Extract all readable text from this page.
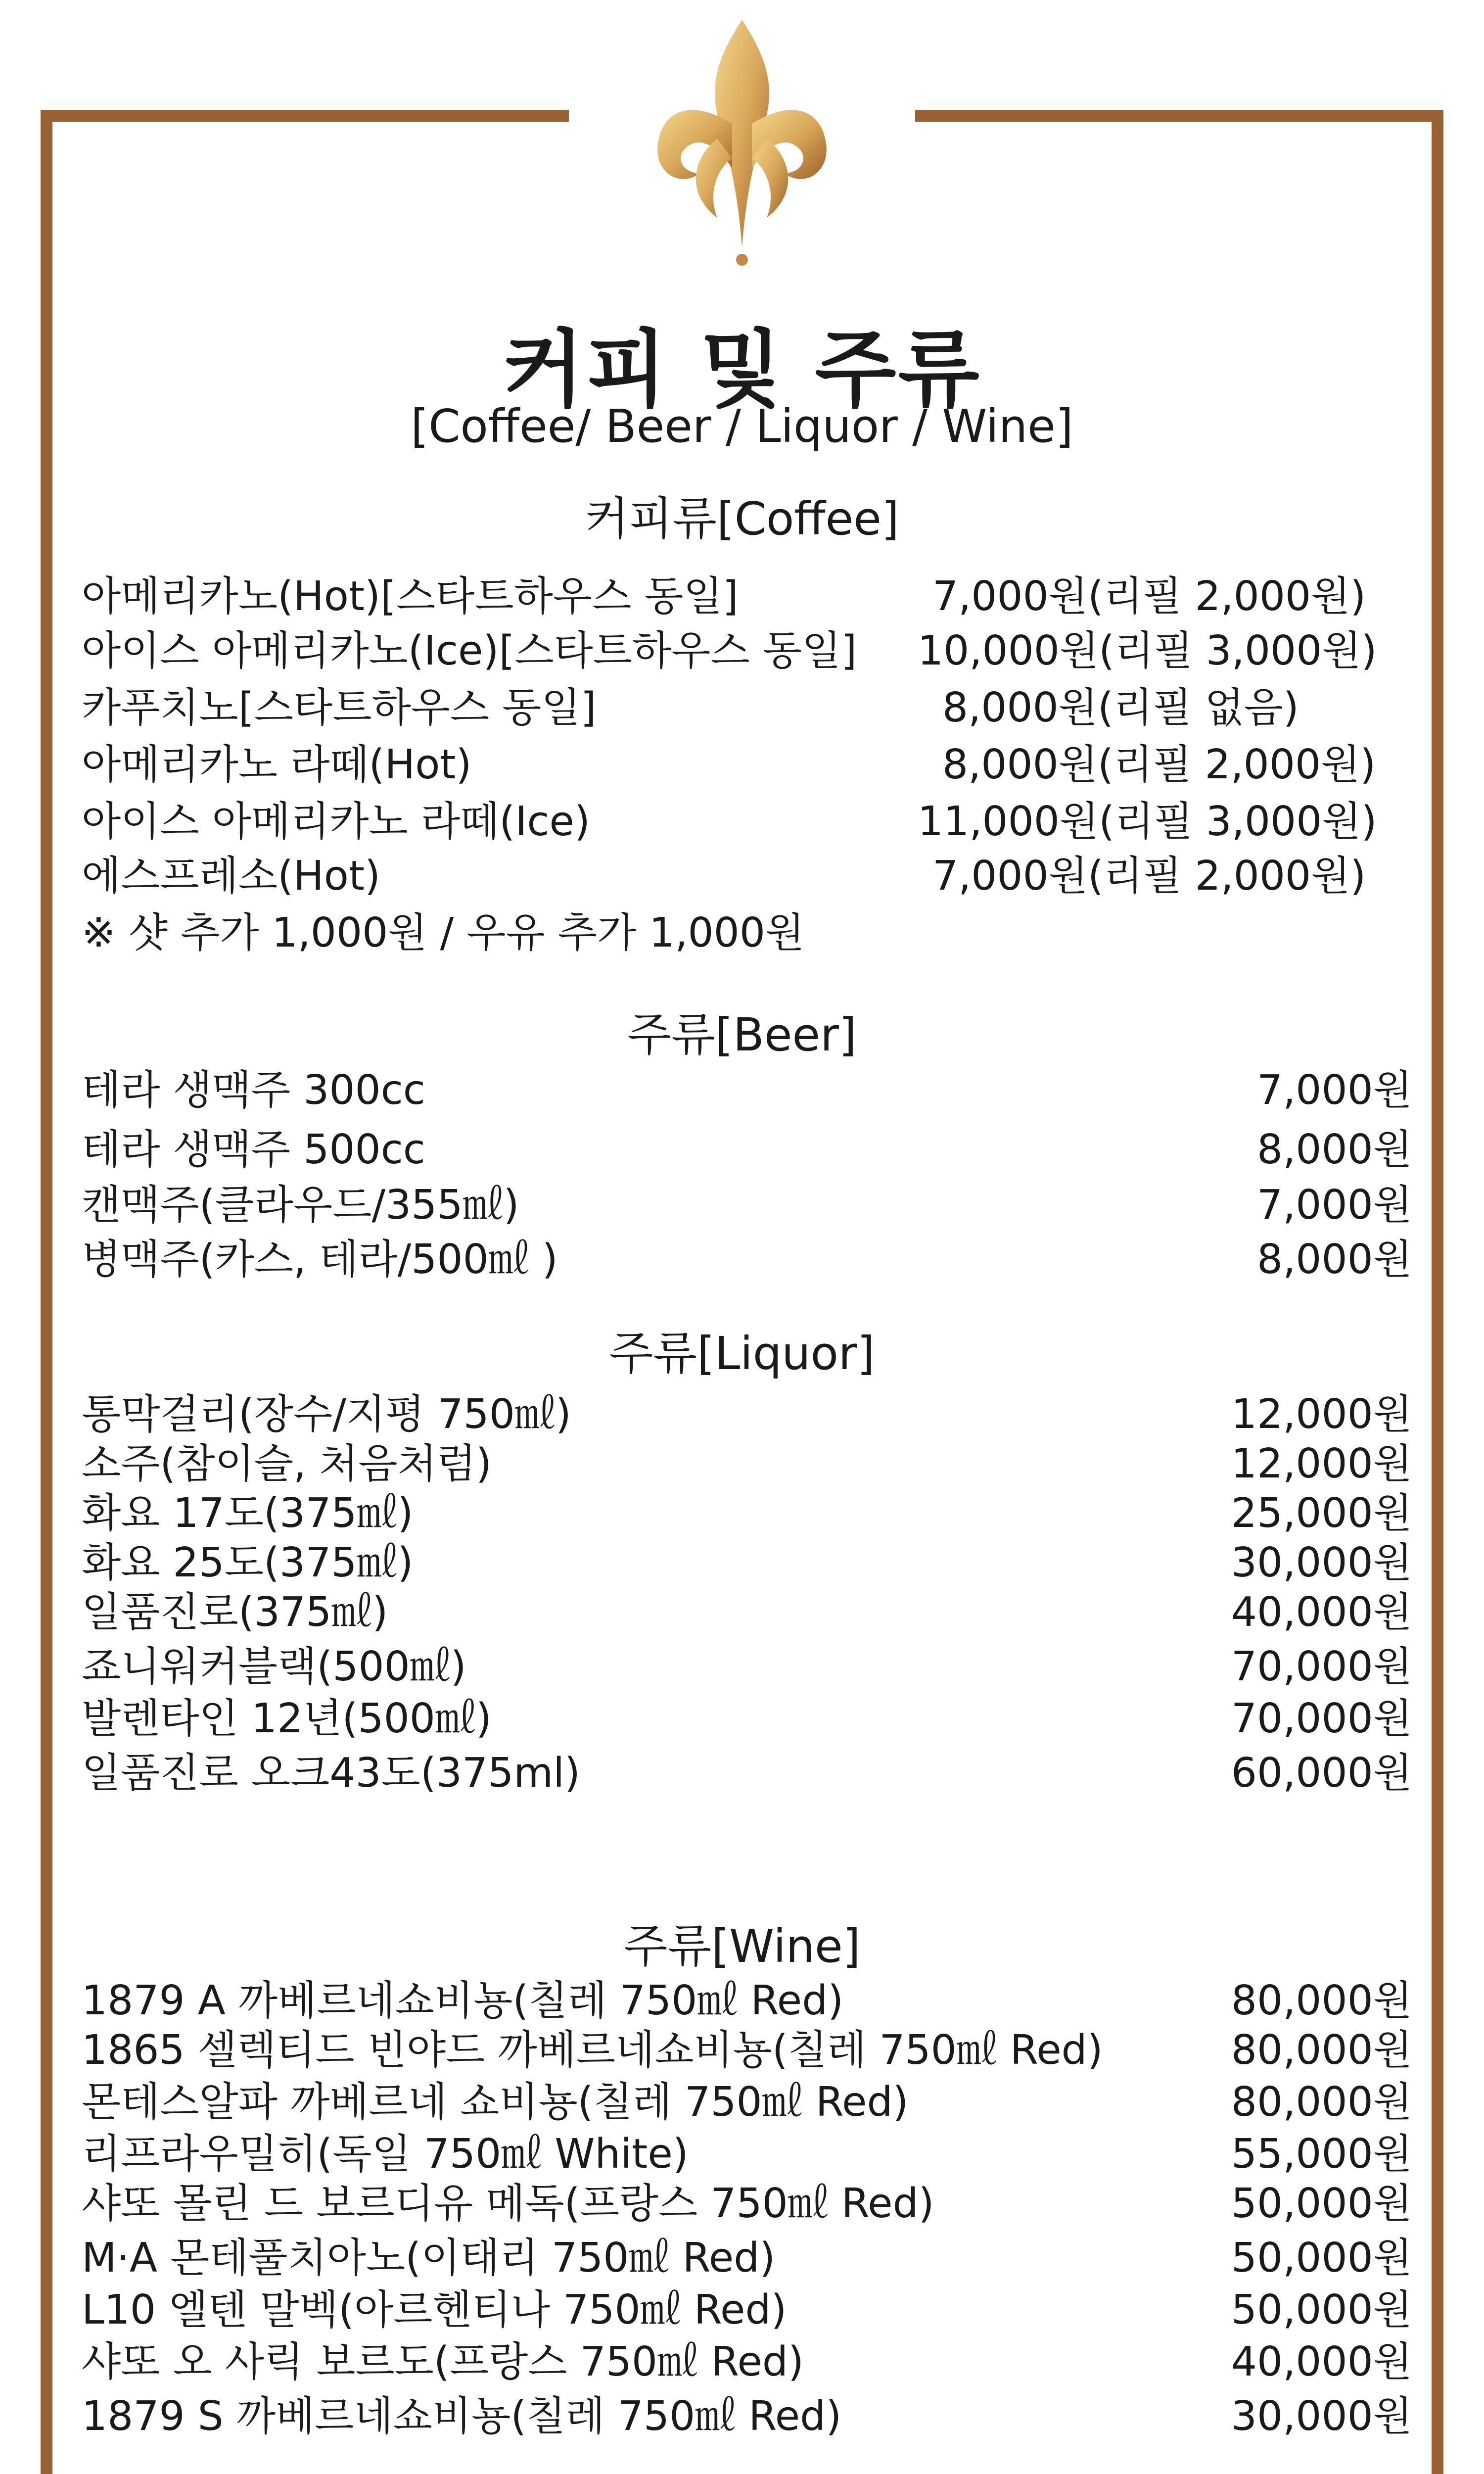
커피 및 주류
[Coffee/ Beer / Liquor / Wine]
커피류[Coffee]
아메리카노(Hot)[스타트하우스 동일]	7,000원(리필 2,000원)
아이스 아메리카노(Ice)[스타트하우스 동일] 10,000원(리필 3,000원)
카푸치노[스타트하우스 동일]	8,000원(리필 없음)
아메리카노 라떼(Hot)	8,000원(리필 2,000원)
아이스 아메리카노 라떼(Ice)	11,000원(리필 3,000원)
에스프레소(Hot)	7,000원(리필 2,000원)
※ 샷 추가 1,000원 / 우유 추가 1,000원
주류[Beer]
테라 생맥주 300cc	7,000원
테라 생맥주 500cc	8,000원
캔맥주(클라우드/355㎖)	7,000원
병맥주(카스, 테라/500㎖ )	8,000원
주류[Liquor]
통막걸리(장수/지평 750㎖)	12,000원
소주(참이슬, 처음처럼)	12,000원
화요 17도(375㎖)	25,000원
화요 25도(375㎖)	30,000원
일품진로(375㎖)	40,000원
죠니워커블랙(500㎖)	70,000원
발렌타인 12년(500㎖)	70,000원
일품진로 오크43도(375ml)	60,000원
주류[Wine]
1879 A 까베르네쇼비뇽(칠레 750㎖ Red)	80,000원
1865 셀렉티드 빈야드 까베르네쇼비뇽(칠레 750㎖ Red)	80,000원
몬테스알파 까베르네 쇼비뇽(칠레 750㎖ Red)	80,000원
리프라우밀히(독일 750㎖ White)	55,000원
샤또 몰린 드 보르디유 메독(프랑스 750㎖ Red)	50,000원
M·A 몬테풀치아노(이태리 750㎖ Red)	50,000원
L10 엘텐 말벡(아르헨티나 750㎖ Red)	50,000원
샤또 오 사릭 보르도(프랑스 750㎖ Red)	40,000원
1879 S 까베르네쇼비뇽(칠레 750㎖ Red)	30,000원
